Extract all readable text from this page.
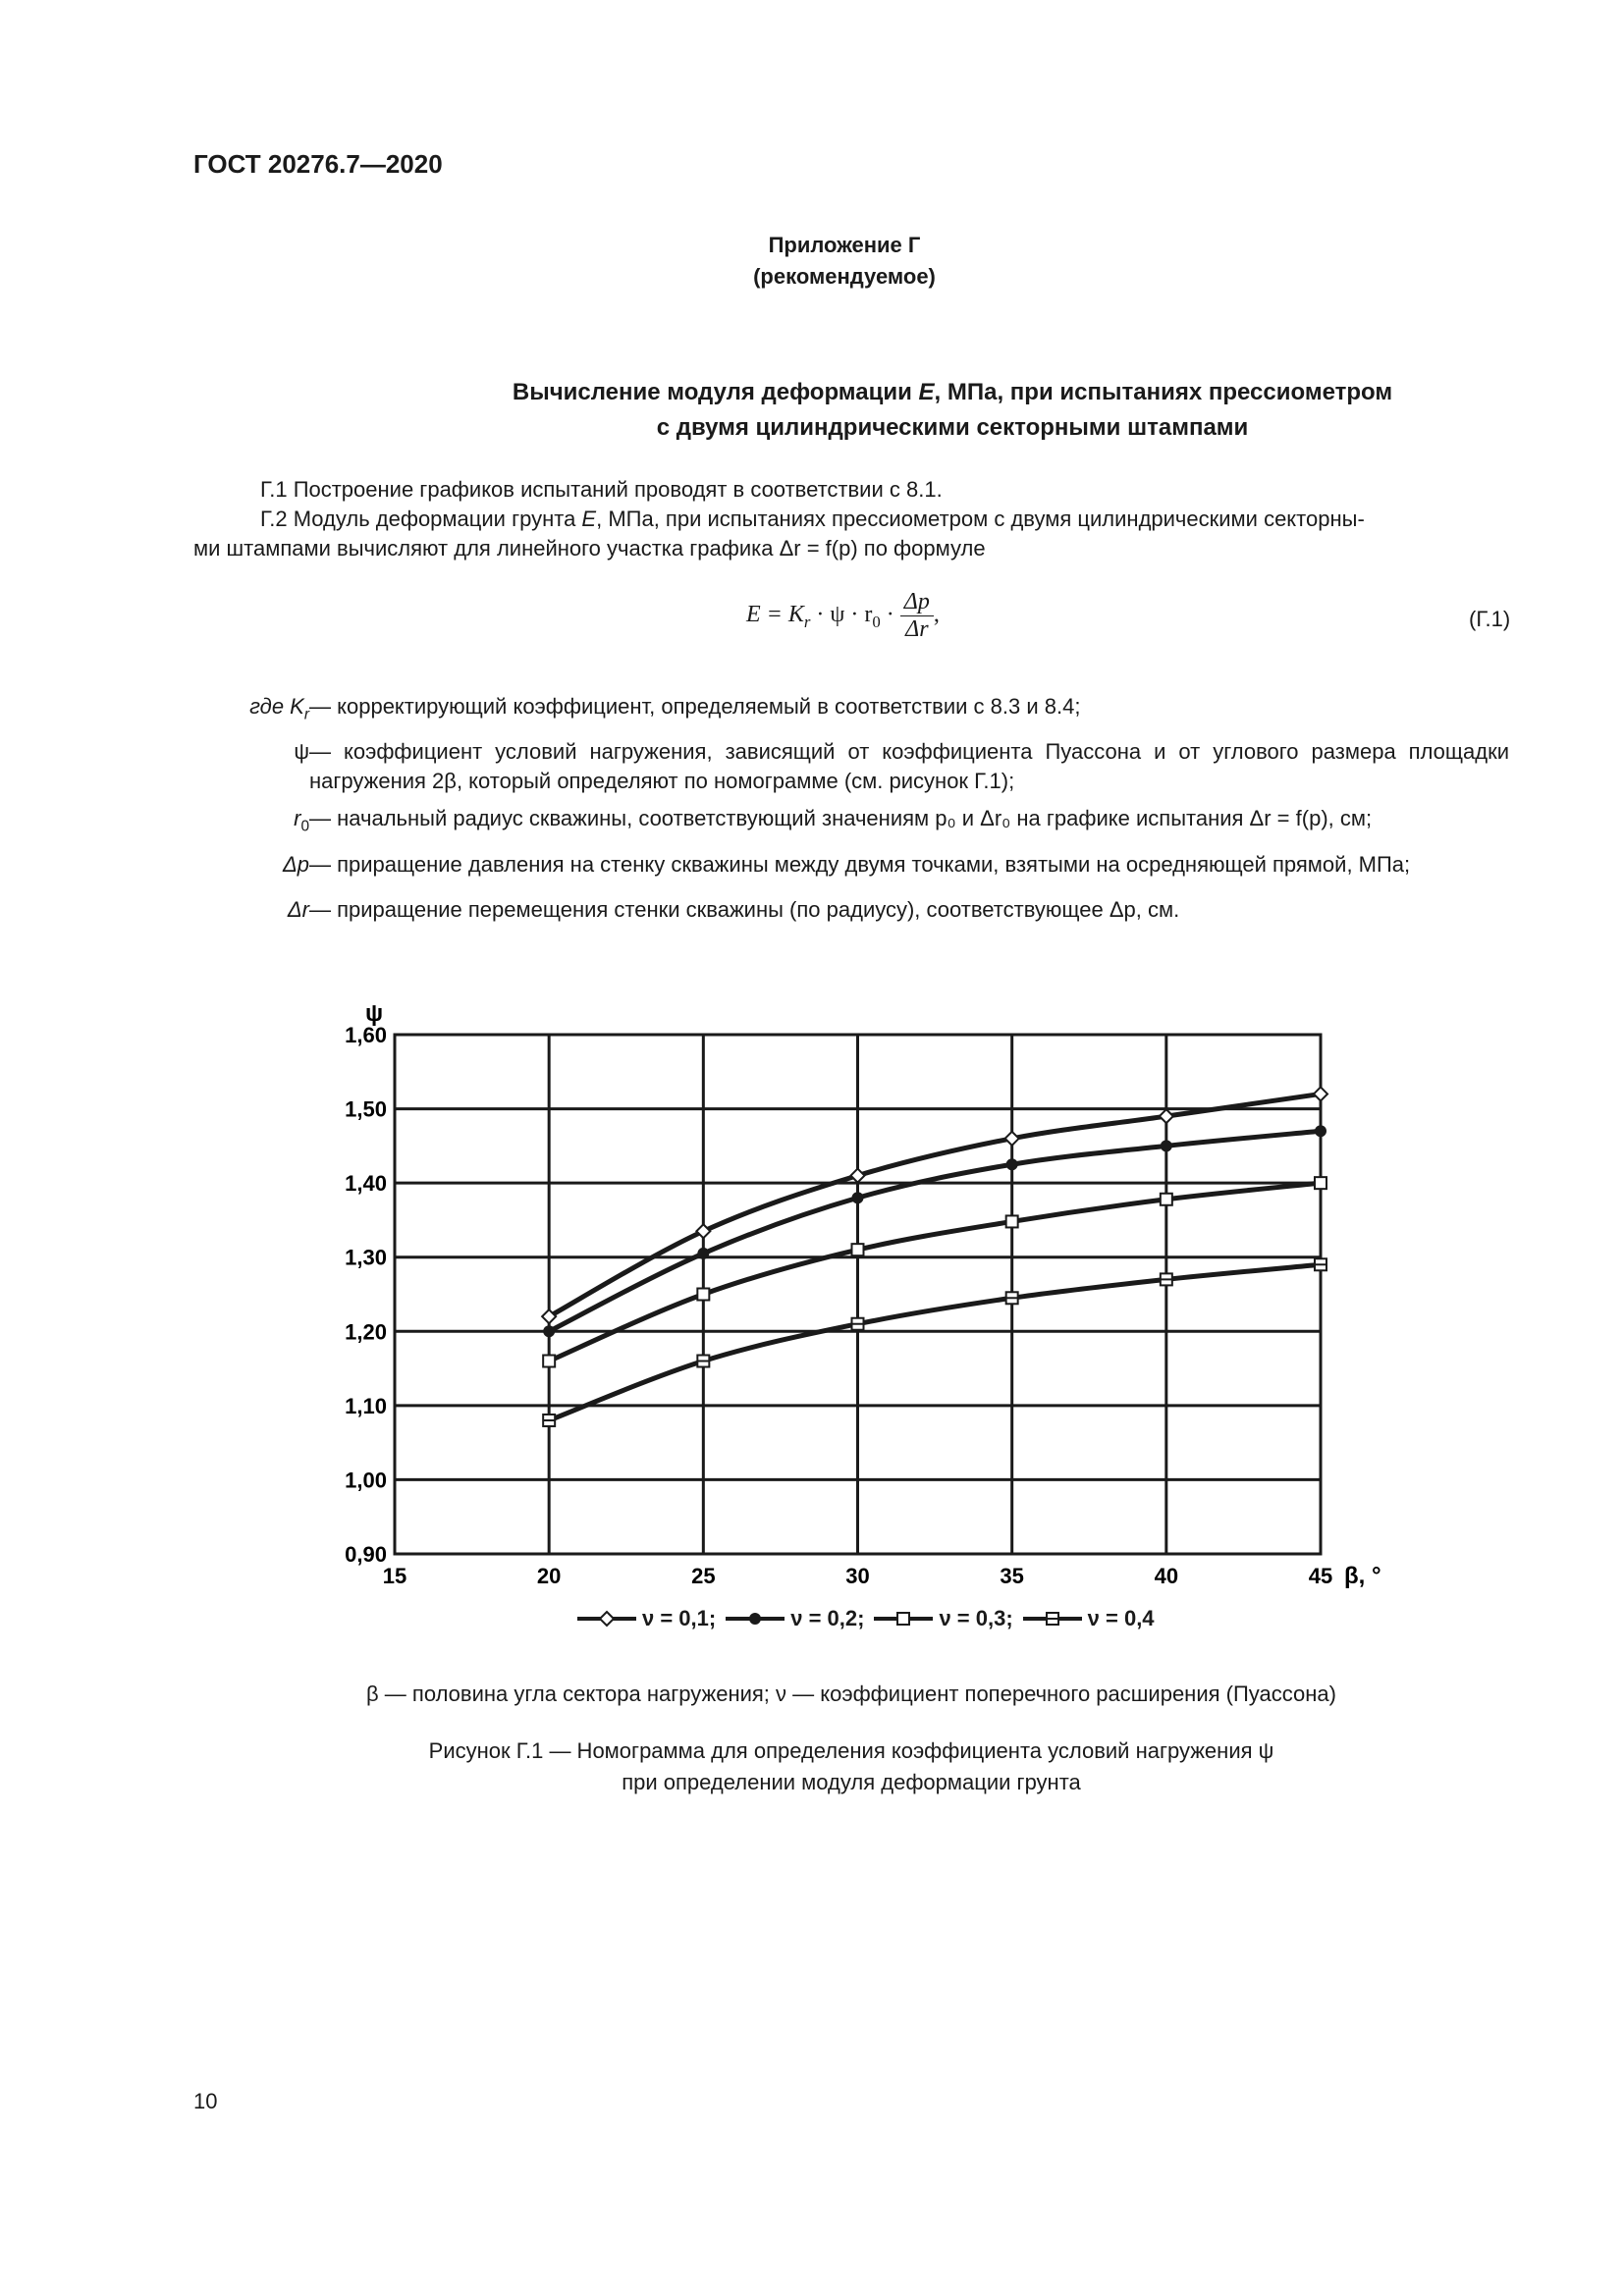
ГОСТ 20276.7—2020
Приложение Г
(рекомендуемое)
Вычисление модуля деформации E, МПа, при испытаниях прессиометром
с двумя цилиндрическими секторными штампами
Г.1 Построение графиков испытаний проводят в соответствии с 8.1.
Г.2 Модуль деформации грунта E, МПа, при испытаниях прессиометром с двумя цилиндрическими секторны-
ми штампами вычисляют для линейного участка графика Δr = f(p) по формуле
$E = K_r \cdot \psi \cdot r_0 \cdot \frac{\Delta p}{\Delta r}$ ,	(Г.1)
где $K_r$ — корректирующий коэффициент, определяемый в соответствии с 8.3 и 8.4;
ψ — коэффициент условий нагружения, зависящий от коэффициента Пуассона и от углового размера площадки нагружения 2β, который определяют по номограмме (см. рисунок Г.1);
$r_0$ — начальный радиус скважины, соответствующий значениям p₀ и Δr₀ на графике испытания Δr = f(p), см;
Δp — приращение давления на стенку скважины между двумя точками, взятыми на осредняющей прямой, МПа;
Δr — приращение перемещения стенки скважины (по радиусу), соответствующее Δp, см.
15	20	25	30	35	40	45
0,90
1,00
1,10
1,20
1,30
1,40
1,50
1,60
ψ
β, °
ν = 0,1;	ν = 0,2;	ν = 0,3;	ν = 0,4
β — половина угла сектора нагружения; ν — коэффициент поперечного расширения (Пуассона)
Рисунок Г.1 — Номограмма для определения коэффициента условий нагружения ψ
при определении модуля деформации грунта
10
